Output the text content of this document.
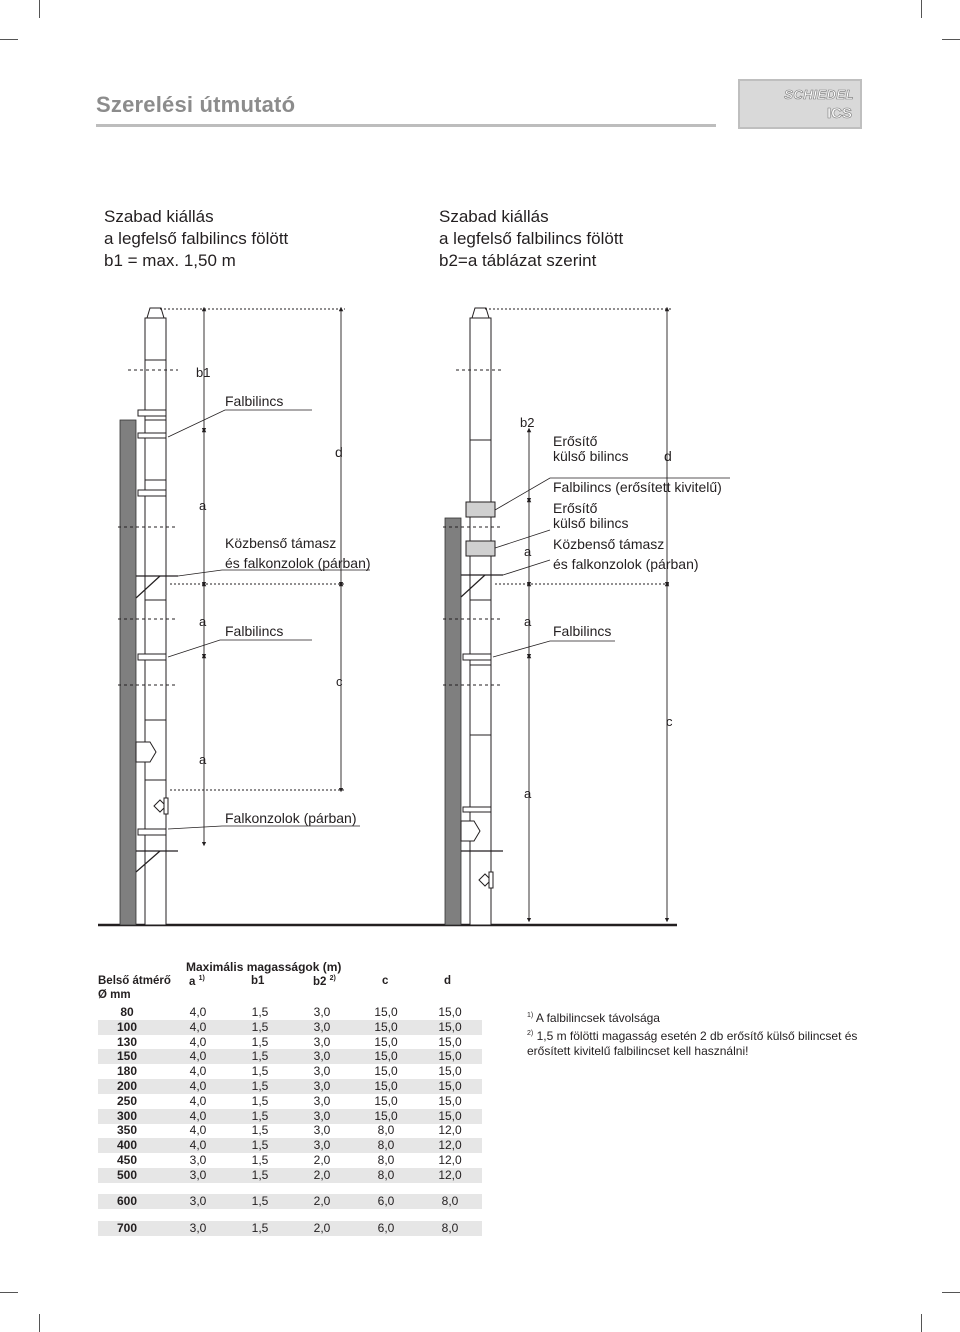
Szerelési útmutató	SCHIEDEL
ICS
Szabad kiállás
a legfelső falbilincs fölött
b1 = max. 1,50 m
Szabad kiállás
a legfelső falbilincs fölött
b2=a táblázat szerint
b1
Falbilincs
d
a
Közbenső támasz
és falkonzolok (párban)
a
Falbilincs
c
a
Falkonzolok (párban)
b2
Erősítő
külső bilincs	d
Falbilincs (erősített kivitelű)
Erősítő
külső bilincs
a Közbenső támasz
és falkonzolok (párban)
a
Falbilincs
c
a
Maximális magasságok (m)
Belső átmérő a $^{1)}$	b1	b2 $^{2)}$	c	d
Ø mm
80	4,0	1,5	3,0	15,0	15,0
100	4,0	1,5	3,0	15,0	15,0
130	4,0	1,5	3,0	15,0	15,0
150	4,0	1,5	3,0	15,0	15,0
180	4,0	1,5	3,0	15,0	15,0
200	4,0	1,5	3,0	15,0	15,0
250	4,0	1,5	3,0	15,0	15,0
300	4,0	1,5	3,0	15,0	15,0
350	4,0	1,5	3,0	8,0	12,0
400	4,0	1,5	3,0	8,0	12,0
450	3,0	1,5	2,0	8,0	12,0
500	3,0	1,5	2,0	8,0	12,0
600	3,0	1,5	2,0	6,0	8,0
700	3,0	1,5	2,0	6,0	8,0
$^{1)}$ A falbilincsek távolsága
$^{2)}$ 1,5 m fölötti magasság esetén 2 db erősítő külső bilincset és erősített kivitelű falbilincset kell használni!
